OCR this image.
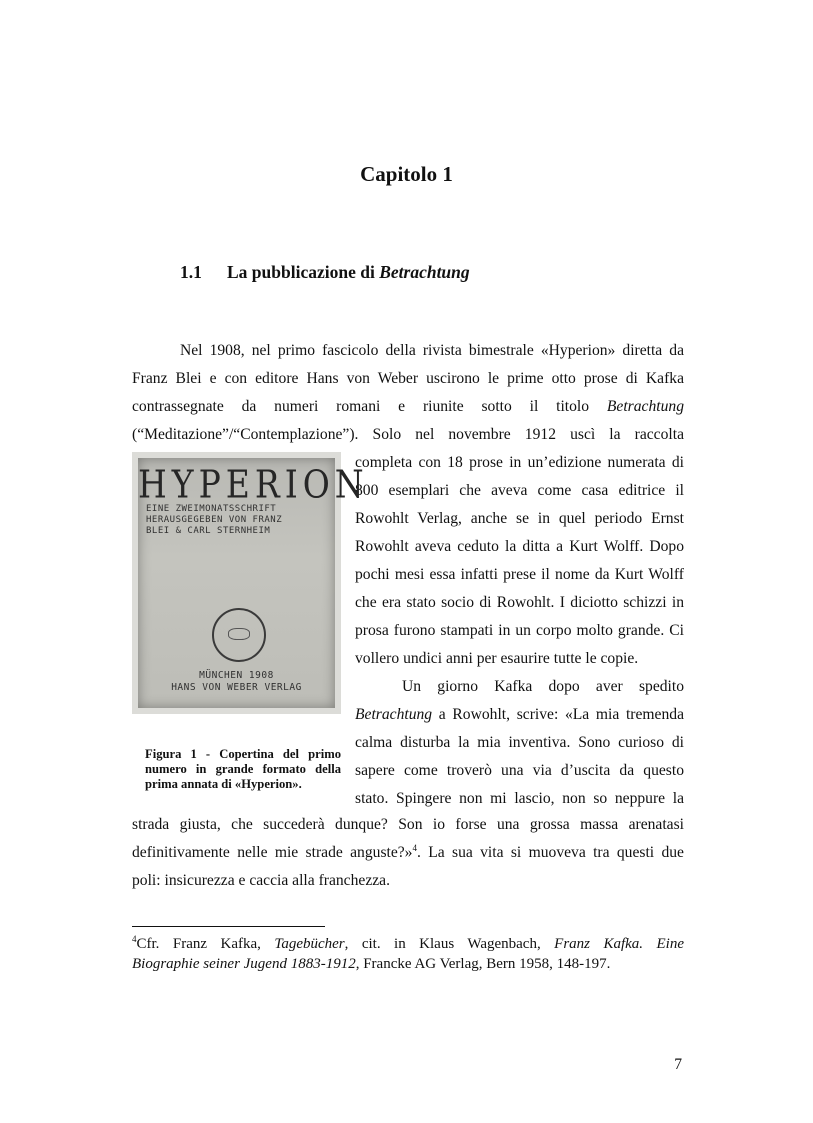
Capitolo 1
1.1 La pubblicazione di Betrachtung

Nel 1908, nel primo fascicolo della rivista bimestrale «Hyperion» diretta da

Franz Blei e con editore Hans von Weber uscirono le prime otto prose di Kafka

contrassegnate da numeri romani e riunite sotto il titolo Betrachtung

(“Meditazione”/“Contemplazione”). Solo nel novembre 1912 uscì la raccolta

completa con 18 prose in un’edizione numerata di

800 esemplari che aveva come casa editrice il

Rowohlt Verlag, anche se in quel periodo Ernst

Rowohlt aveva ceduto la ditta a Kurt Wolff. Dopo

pochi mesi essa infatti prese il nome da Kurt Wolff

che era stato socio di Rowohlt. I diciotto schizzi in

prosa furono stampati in un corpo molto grande. Ci

vollero undici anni per esaurire tutte le copie.

Un giorno Kafka dopo aver spedito

Betrachtung a Rowohlt, scrive: «La mia tremenda

calma disturba la mia inventiva. Sono curioso di

sapere come troverò una via d’uscita da questo

stato. Spingere non mi lascio, non so neppure la

strada giusta, che succederà dunque? Son io forse una grossa massa arenatasi

definitivamente nelle mie strade anguste?»$^4$. La sua vita si muoveva tra questi due

poli: insicurezza e caccia alla franchezza.

HYPERION
EINE ZWEIMONATSSCHRIFT
HERAUSGEGEBEN VON FRANZ
BLEI & CARL STERNHEIM
MÜNCHEN 1908
HANS VON WEBER VERLAG

Figura 1 - Copertina del primo
numero in grande formato della
prima annata di «Hyperion».

$^4$Cfr. Franz Kafka, Tagebücher, cit. in Klaus Wagenbach, Franz Kafka. Eine

Biographie seiner Jugend 1883-1912, Francke AG Verlag, Bern 1958, 148-197.

7
